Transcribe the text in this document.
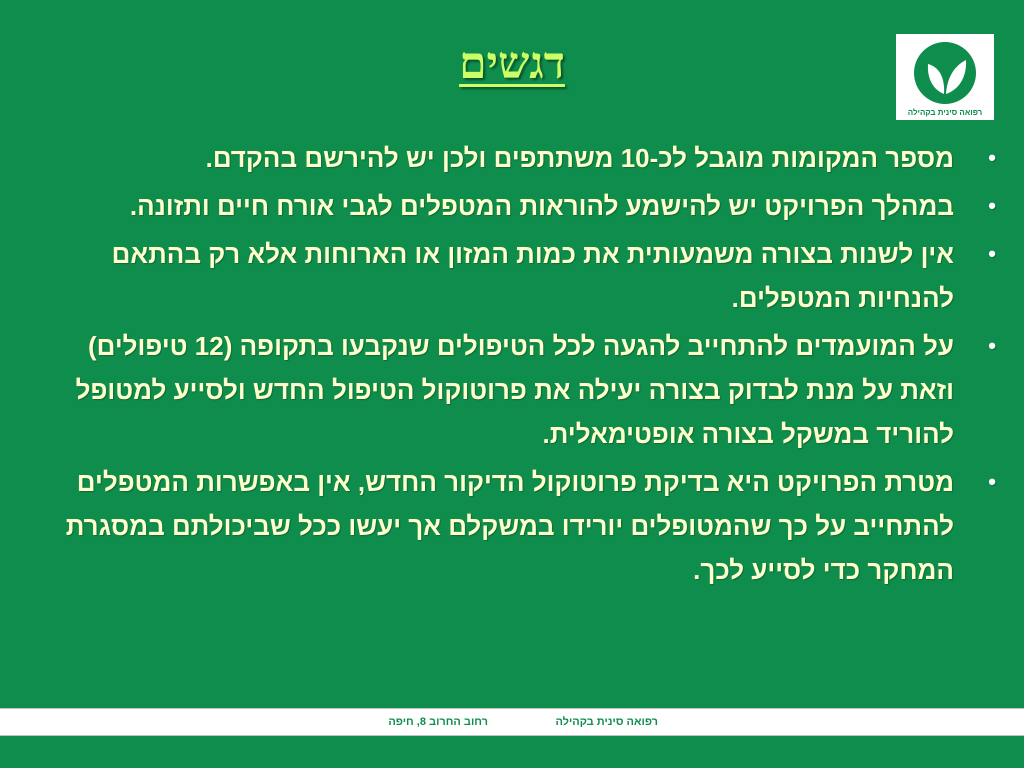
דגשים
רפואה סינית בקהילה
• מספר המקומות מוגבל לכ-10 משתתפים ולכן יש להירשם בהקדם.
• במהלך הפרויקט יש להישמע להוראות המטפלים לגבי אורח חיים ותזונה.
• אין לשנות בצורה משמעותית את כמות המזון או הארוחות אלא רק בהתאם להנחיות המטפלים.
• על המועמדים להתחייב להגעה לכל הטיפולים שנקבעו בתקופה (12 טיפולים) וזאת על מנת לבדוק בצורה יעילה את פרוטוקול הטיפול החדש ולסייע למטופל להוריד במשקל בצורה אופטימאלית.
• מטרת הפרויקט היא בדיקת פרוטוקול הדיקור החדש, אין באפשרות המטפלים להתחייב על כך שהמטופלים יורידו במשקלם אך יעשו ככל שביכולתם במסגרת המחקר כדי לסייע לכך.
רפואה סינית בקהילה
רחוב החרוב 8, חיפה
